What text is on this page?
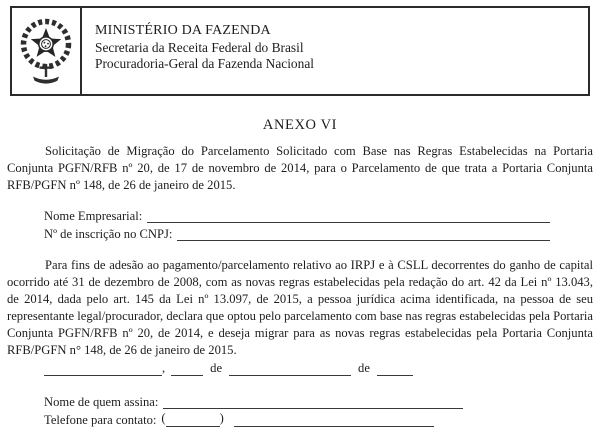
MINISTÉRIO DA FAZENDA
Secretaria da Receita Federal do Brasil
Procuradoria-Geral da Fazenda Nacional
ANEXO VI

Solicitação de Migração do Parcelamento Solicitado com Base nas Regras Estabelecidas na Portaria Conjunta PGFN/RFB nº 20, de 17 de novembro de 2014, para o Parcelamento de que trata a Portaria Conjunta RFB/PGFN nº 148, de 26 de janeiro de 2015.

Nome Empresarial:
Nº de inscrição no CNPJ:

Para fins de adesão ao pagamento/parcelamento relativo ao IRPJ e à CSLL decorrentes do ganho de capital ocorrido até 31 de dezembro de 2008, com as novas regras estabelecidas pela redação do art. 42 da Lei nº 13.043, de 2014, dada pelo art. 145 da Lei nº 13.097, de 2015, a pessoa jurídica acima identificada, na pessoa de seu representante legal/procurador, declara que optou pelo parcelamento com base nas regras estabelecidas pela Portaria Conjunta PGFN/RFB nº 20, de 2014, e deseja migrar para as novas regras estabelecidas pela Portaria Conjunta RFB/PGFN n° 148, de 26 de janeiro de 2015.

,	de	de
Nome de quem assina:
Telefone para contato: (	)
